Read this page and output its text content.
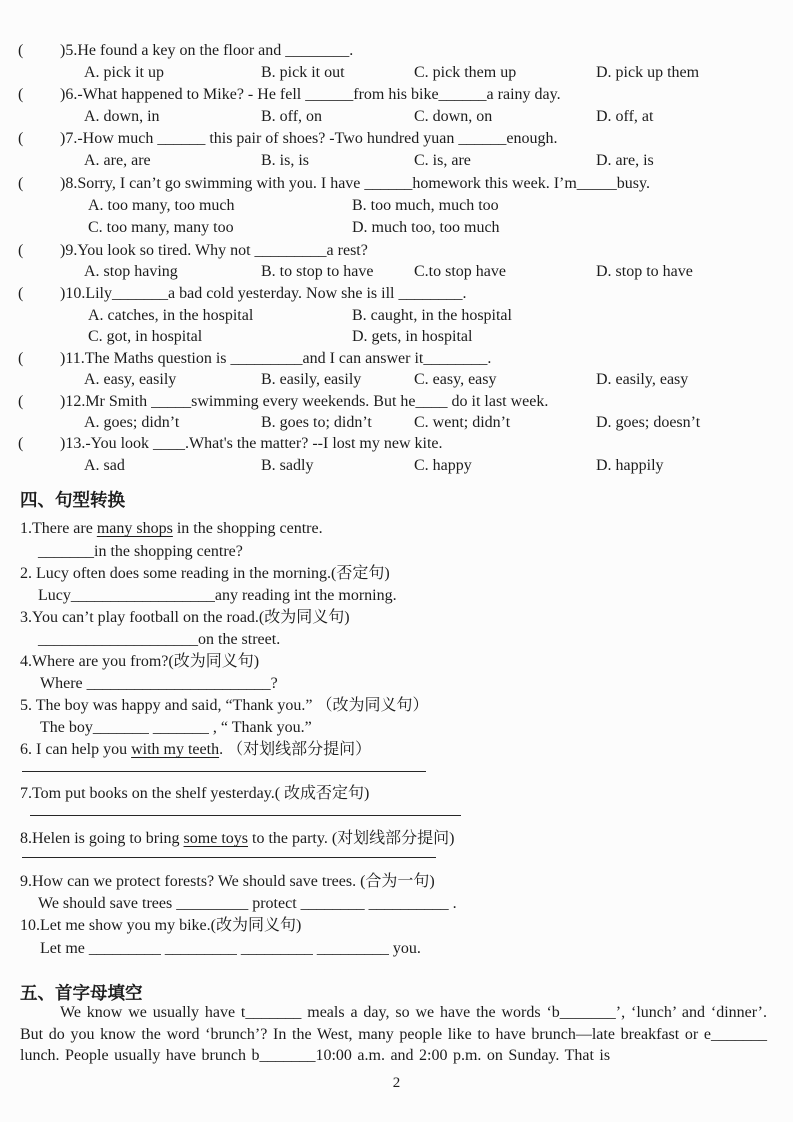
( )5.He found a key on the floor and ________.
A. pick it up	B. pick it out	C. pick them up	D. pick up them
( )6.-What happened to Mike? - He fell ______from his bike______a rainy day.
A. down, in	B. off, on	C. down, on	D. off, at
( )7.-How much ______ this pair of shoes? -Two hundred yuan ______enough.
A. are, are	B. is, is	C. is, are	D. are, is
( )8.Sorry, I can’t go swimming with you. I have ______homework this week. I’m_____busy.
A. too many, too much	B. too much, much too
C. too many, many too	D. much too, too much
( )9.You look so tired. Why not _________a rest?
A. stop having	B. to stop to have	C.to stop have	D. stop to have
( )10.Lily_______a bad cold yesterday. Now she is ill ________.
A. catches, in the hospital	B. caught, in the hospital
C. got, in hospital	D. gets, in hospital
( )11.The Maths question is _________and I can answer it________.
A. easy, easily	B. easily, easily	C. easy, easy	D. easily, easy
( )12.Mr Smith _____swimming every weekends. But he____ do it last week.
A. goes; didn’t	B. goes to; didn’t	C. went; didn’t	D. goes; doesn’t
( )13.-You look ____.What's the matter? --I lost my new kite.
A. sad	B. sadly	C. happy	D. happily
四、句型转换
1.There are many shops in the shopping centre.
_______in the shopping centre?
2. Lucy often does some reading in the morning.(否定句)
Lucy__________________any reading int the morning.
3.You can’t play football on the road.(改为同义句)
____________________on the street.
4.Where are you from?(改为同义句)
Where _______________________?
5. The boy was happy and said, “Thank you.” （改为同义句）
The boy_______ _______ , “ Thank you.”
6. I can help you with my teeth. （对划线部分提问）
7.Tom put books on the shelf yesterday.( 改成否定句)
8.Helen is going to bring some toys to the party. (对划线部分提问)
9.How can we protect forests? We should save trees. (合为一句)
We should save trees _________ protect ________ __________ .
10.Let me show you my bike.(改为同义句)
Let me _________ _________ _________ _________ you.
五、首字母填空
We know we usually have t_______ meals a day, so we have the words ‘b_______’, ‘lunch’ and ‘dinner’. But do you know the word ‘brunch’? In the West, many people like to have brunch—late breakfast or e_______ lunch. People usually have brunch b_______10:00 a.m. and 2:00 p.m. on Sunday. That is
2
